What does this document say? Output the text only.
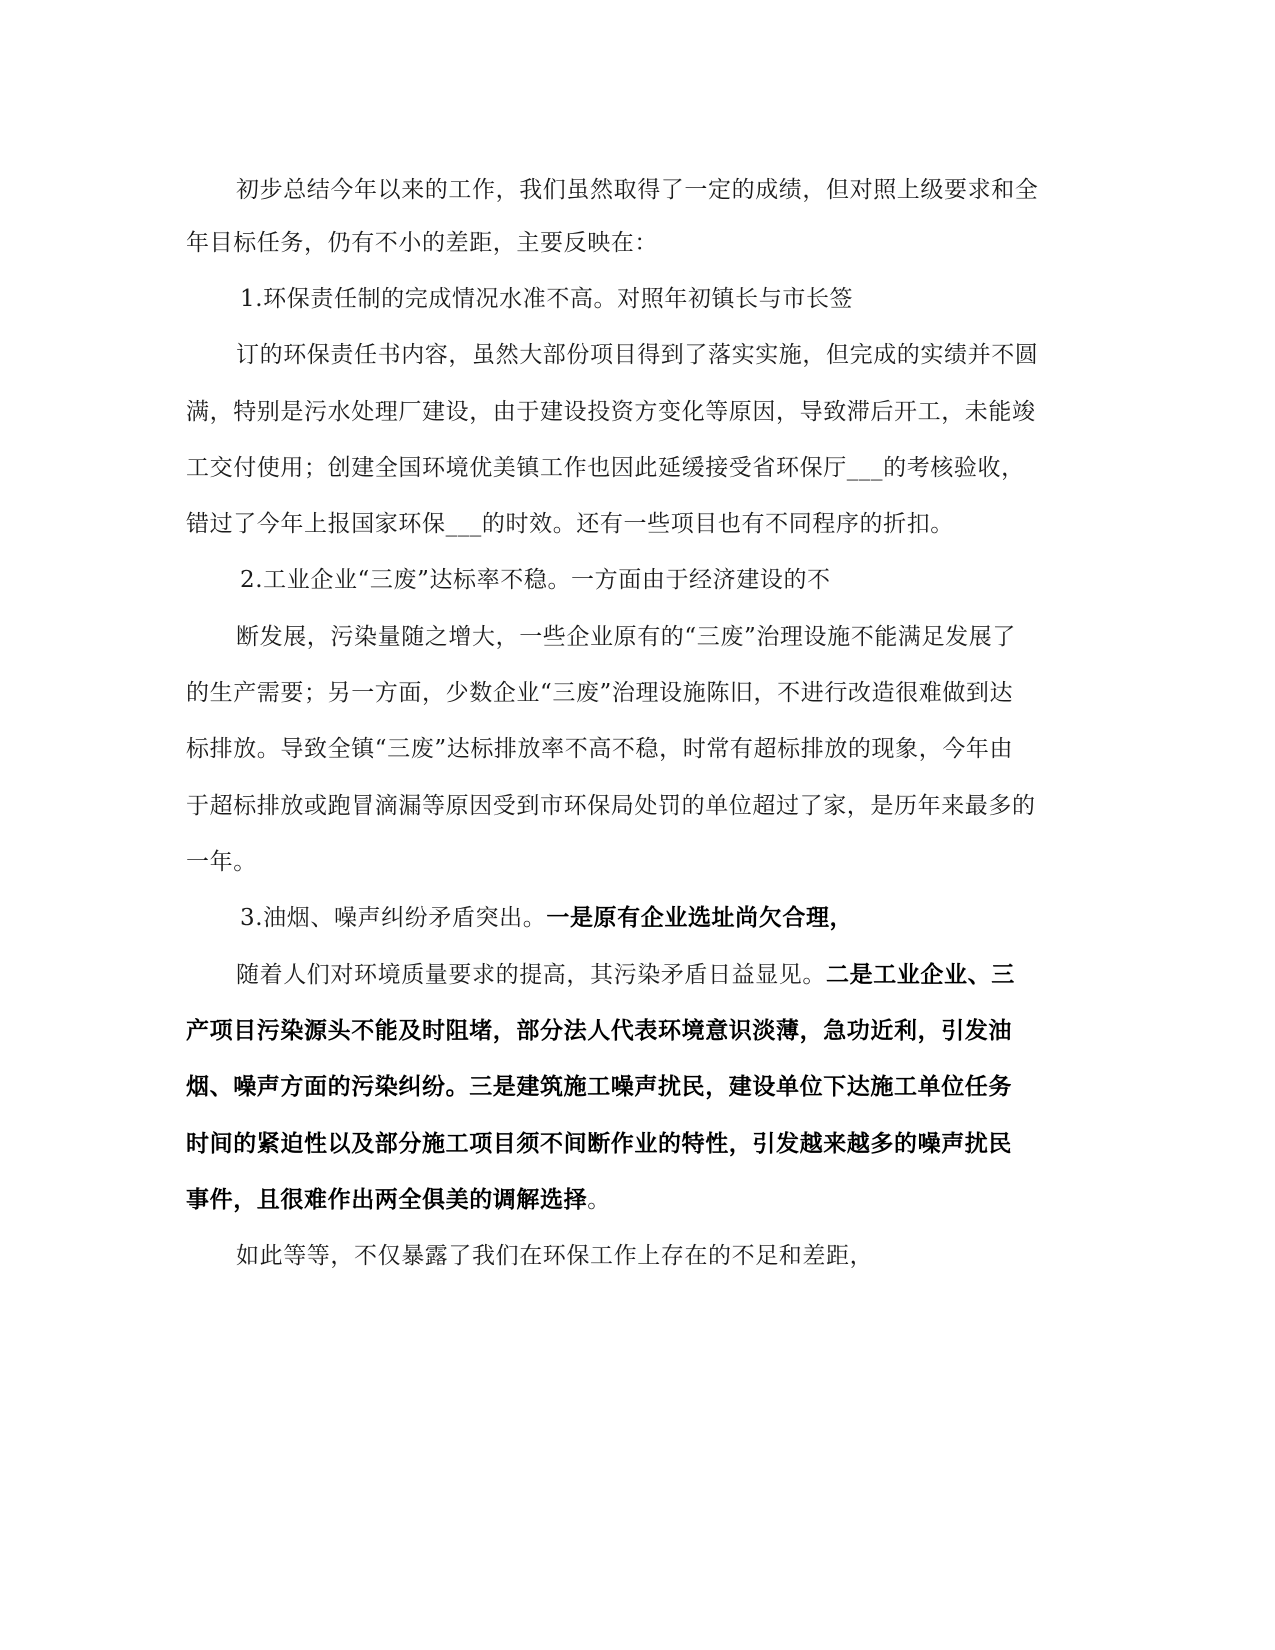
初步总结今年以来的工作，我们虽然取得了一定的成绩，但对照上级要求和全
年目标任务，仍有不小的差距，主要反映在：
1.环保责任制的完成情况水准不高。对照年初镇长与市长签
订的环保责任书内容，虽然大部份项目得到了落实实施，但完成的实绩并不圆
满，特别是污水处理厂建设，由于建设投资方变化等原因，导致滞后开工，未能竣
工交付使用；创建全国环境优美镇工作也因此延缓接受省环保厅___的考核验收，
错过了今年上报国家环保___的时效。还有一些项目也有不同程序的折扣。
2.工业企业“三废”达标率不稳。一方面由于经济建设的不
断发展，污染量随之增大，一些企业原有的“三废”治理设施不能满足发展了
的生产需要；另一方面，少数企业“三废”治理设施陈旧，不进行改造很难做到达
标排放。导致全镇“三废”达标排放率不高不稳，时常有超标排放的现象，今年由
于超标排放或跑冒滴漏等原因受到市环保局处罚的单位超过了家，是历年来最多的
一年。
3.油烟、噪声纠纷矛盾突出。一是原有企业选址尚欠合理，
随着人们对环境质量要求的提高，其污染矛盾日益显见。二是工业企业、三
产项目污染源头不能及时阻堵，部分法人代表环境意识淡薄，急功近利，引发油
烟、噪声方面的污染纠纷。三是建筑施工噪声扰民，建设单位下达施工单位任务
时间的紧迫性以及部分施工项目须不间断作业的特性，引发越来越多的噪声扰民
事件，且很难作出两全俱美的调解选择。
如此等等，不仅暴露了我们在环保工作上存在的不足和差距，
